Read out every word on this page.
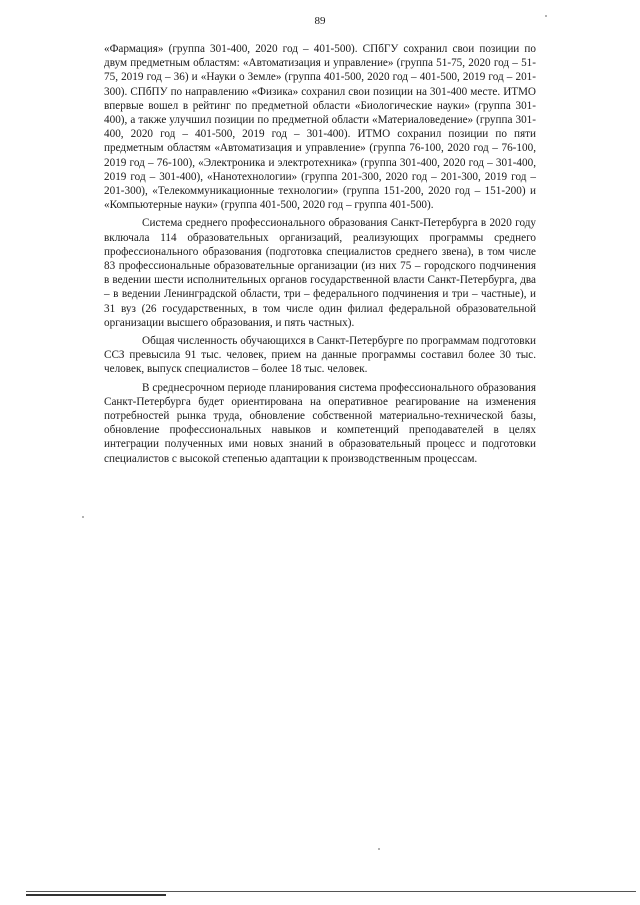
89

«Фармация» (группа 301-400, 2020 год – 401-500). СПбГУ сохранил свои позиции по двум предметным областям: «Автоматизация и управление» (группа 51-75, 2020 год – 51-75, 2019 год – 36) и «Науки о Земле» (группа 401-500, 2020 год – 401-500, 2019 год – 201-300). СПбПУ по направлению «Физика» сохранил свои позиции на 301-400 месте. ИТМО впервые вошел в рейтинг по предметной области «Биологические науки» (группа 301-400), а также улучшил позиции по предметной области «Материаловедение» (группа 301-400, 2020 год – 401-500, 2019 год – 301-400). ИТМО сохранил позиции по пяти предметным областям «Автоматизация и управление» (группа 76-100, 2020 год – 76-100, 2019 год – 76-100), «Электроника и электротехника» (группа 301-400, 2020 год – 301-400, 2019 год – 301-400), «Нанотехнологии» (группа 201-300, 2020 год – 201-300, 2019 год – 201-300), «Телекоммуникационные технологии» (группа 151-200, 2020 год – 151-200) и «Компьютерные науки» (группа 401-500, 2020 год – группа 401-500).

Система среднего профессионального образования Санкт-Петербурга в 2020 году включала 114 образовательных организаций, реализующих программы среднего профессионального образования (подготовка специалистов среднего звена), в том числе 83 профессиональные образовательные организации (из них 75 – городского подчинения в ведении шести исполнительных органов государственной власти Санкт-Петербурга, два – в ведении Ленинградской области, три – федерального подчинения и три – частные), и 31 вуз (26 государственных, в том числе один филиал федеральной образовательной организации высшего образования, и пять частных).

Общая численность обучающихся в Санкт-Петербурге по программам подготовки ССЗ превысила 91 тыс. человек, прием на данные программы составил более 30 тыс. человек, выпуск специалистов – более 18 тыс. человек.

В среднесрочном периоде планирования система профессионального образования Санкт-Петербурга будет ориентирована на оперативное реагирование на изменения потребностей рынка труда, обновление собственной материально-технической базы, обновление профессиональных навыков и компетенций преподавателей в целях интеграции полученных ими новых знаний в образовательный процесс и подготовки специалистов с высокой степенью адаптации к производственным процессам.
